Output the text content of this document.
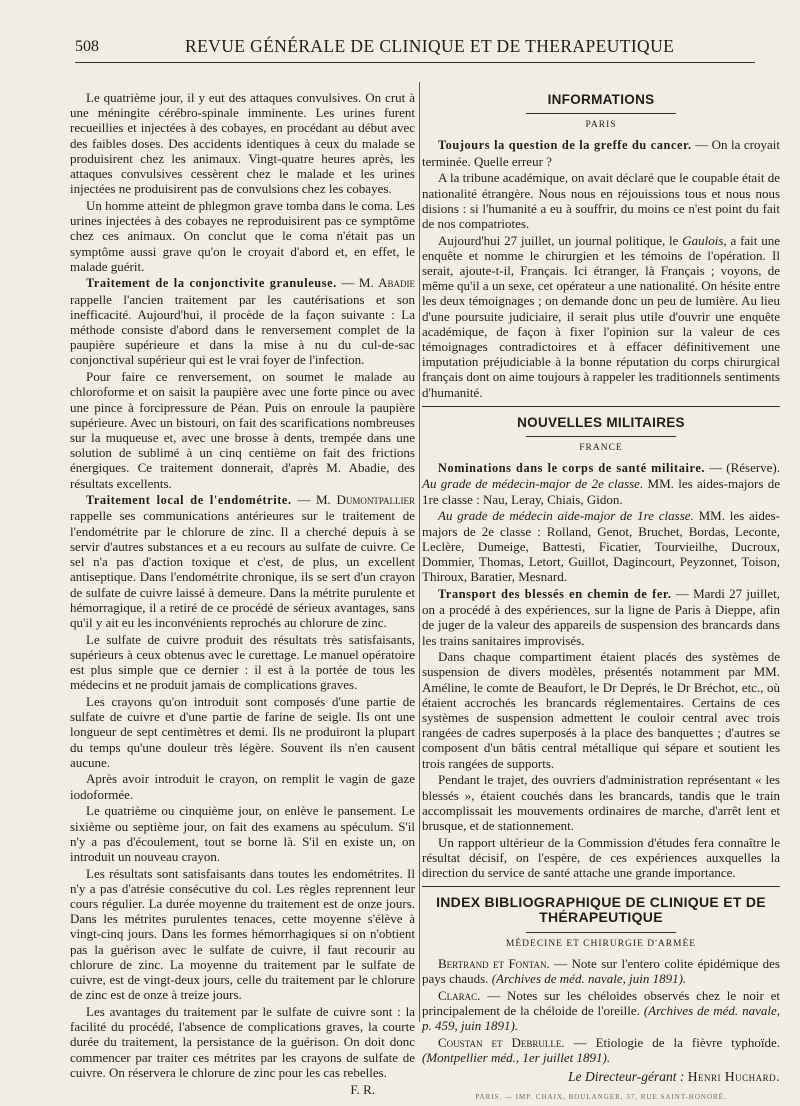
508	REVUE GÉNÉRALE DE CLINIQUE ET DE THERAPEUTIQUE

Le quatrième jour, il y eut des attaques convulsives. On crut à une méningite cérébro-spinale imminente. Les urines furent recueillies et injectées à des cobayes, en procédant au début avec des faibles doses. Des accidents identiques à ceux du malade se produisirent chez les animaux. Vingt-quatre heures après, les attaques convulsives cessèrent chez le malade et les urines injectées ne produisirent pas de convulsions chez les cobayes.

Un homme atteint de phlegmon grave tomba dans le coma. Les urines injectées à des cobayes ne reproduisirent pas ce symptôme chez ces animaux. On conclut que le coma n'était pas un symptôme aussi grave qu'on le croyait d'abord et, en effet, le malade guérit.

Traitement de la conjonctivite granuleuse. — M. Abadie rappelle l'ancien traitement par les cautérisations et son inefficacité. Aujourd'hui, il procède de la façon suivante : La méthode consiste d'abord dans le renversement complet de la paupière supérieure et dans la mise à nu du cul-de-sac conjonctival supérieur qui est le vrai foyer de l'infection.

Pour faire ce renversement, on soumet le malade au chloroforme et on saisit la paupière avec une forte pince ou avec une pince à forcipressure de Péan. Puis on enroule la paupière supérieure. Avec un bistouri, on fait des scarifications nombreuses sur la muqueuse et, avec une brosse à dents, trempée dans une solution de sublimé à un cinq centième on fait des frictions énergiques. Ce traitement donnerait, d'après M. Abadie, des résultats excellents.

Traitement local de l'endométrite. — M. Dumontpallier rappelle ses communications antérieures sur le traitement de l'endométrite par le chlorure de zinc. Il a cherché depuis à se servir d'autres substances et a eu recours au sulfate de cuivre. Ce sel n'a pas d'action toxique et c'est, de plus, un excellent antiseptique. Dans l'endométrite chronique, ils se sert d'un crayon de sulfate de cuivre laissé à demeure. Dans la métrite purulente et hémorragique, il a retiré de ce procédé de sérieux avantages, sans qu'il y ait eu les inconvénients reprochés au chlorure de zinc.

Le sulfate de cuivre produit des résultats très satisfaisants, supérieurs à ceux obtenus avec le curettage. Le manuel opératoire est plus simple que ce dernier : il est à la portée de tous les médecins et ne produit jamais de complications graves.

Les crayons qu'on introduit sont composés d'une partie de sulfate de cuivre et d'une partie de farine de seigle. Ils ont une longueur de sept centimètres et demi. Ils ne produiront la plupart du temps qu'une douleur très légère. Souvent ils n'en causent aucune.

Après avoir introduit le crayon, on remplit le vagin de gaze iodoformée.

Le quatrième ou cinquième jour, on enlève le pansement. Le sixième ou septième jour, on fait des examens au spéculum. S'il n'y a pas d'écoulement, tout se borne là. S'il en existe un, on introduit un nouveau crayon.

Les résultats sont satisfaisants dans toutes les endométrites. Il n'y a pas d'atrésie consécutive du col. Les règles reprennent leur cours régulier. La durée moyenne du traitement est de onze jours. Dans les métrites purulentes tenaces, cette moyenne s'élève à vingt-cinq jours. Dans les formes hémorrhagiques si on n'obtient pas la guérison avec le sulfate de cuivre, il faut recourir au chlorure de zinc. La moyenne du traitement par le sulfate de cuivre, est de vingt-deux jours, celle du traitement par le chlorure de zinc est de onze à treize jours.

Les avantages du traitement par le sulfate de cuivre sont : la facilité du procédé, l'absence de complications graves, la courte durée du traitement, la persistance de la guérison. On doit donc commencer par traiter ces métrites par les crayons de sulfate de cuivre. On réservera le chlorure de zinc pour les cas rebelles.

F. R.

INFORMATIONS
PARIS

Toujours la question de la greffe du cancer. — On la croyait terminée. Quelle erreur ?

A la tribune académique, on avait déclaré que le coupable était de nationalité étrangère. Nous nous en réjouissions tous et nous nous disions : si l'humanité a eu à souffrir, du moins ce n'est point du fait de nos compatriotes.

Aujourd'hui 27 juillet, un journal politique, le Gaulois, a fait une enquête et nomme le chirurgien et les témoins de l'opération. Il serait, ajoute-t-il, Français. Ici étranger, là Français ; voyons, de même qu'il a un sexe, cet opérateur a une nationalité. On hésite entre les deux témoignages ; on demande donc un peu de lumière. Au lieu d'une poursuite judiciaire, il serait plus utile d'ouvrir une enquête académique, de façon à fixer l'opinion sur la valeur de ces témoignages contradictoires et à effacer définitivement une imputation préjudiciable à la bonne réputation du corps chirurgical français dont on aime toujours à rappeler les traditionnels sentiments d'humanité.

NOUVELLES MILITAIRES
FRANCE

Nominations dans le corps de santé militaire. — (Réserve). Au grade de médecin-major de 2e classe. MM. les aides-majors de 1re classe : Nau, Leray, Chiais, Gidon.

Au grade de médecin aide-major de 1re classe. MM. les aides-majors de 2e classe : Rolland, Genot, Bruchet, Bordas, Leconte, Leclère, Dumeige, Battesti, Ficatier, Tourvieilhe, Ducroux, Dommier, Thomas, Letort, Guillot, Dagincourt, Peyzonnet, Toison, Thiroux, Baratier, Mesnard.

Transport des blessés en chemin de fer. — Mardi 27 juillet, on a procédé à des expériences, sur la ligne de Paris à Dieppe, afin de juger de la valeur des appareils de suspension des brancards dans les trains sanitaires improvisés.

Dans chaque compartiment étaient placés des systèmes de suspension de divers modèles, présentés notamment par MM. Améline, le comte de Beaufort, le Dr Deprés, le Dr Bréchot, etc., où étaient accrochés les brancards réglementaires. Certains de ces systèmes de suspension admettent le couloir central avec trois rangées de cadres superposés à la place des banquettes ; d'autres se composent d'un bâtis central métallique qui sépare et soutient les trois rangées de supports.

Pendant le trajet, des ouvriers d'administration représentant « les blessés », étaient couchés dans les brancards, tandis que le train accomplissait les mouvements ordinaires de marche, d'arrêt lent et brusque, et de stationnement.

Un rapport ultérieur de la Commission d'études fera connaître le résultat décisif, on l'espère, de ces expériences auxquelles la direction du service de santé attache une grande importance.

INDEX BIBLIOGRAPHIQUE DE CLINIQUE ET DE THÉRAPEUTIQUE
MÉDECINE ET CHIRURGIE D'ARMÉE

Bertrand et Fontan. — Note sur l'entero colite épidémique des pays chauds. (Archives de méd. navale, juin 1891).

Clarac. — Notes sur les chéloides observés chez le noir et principalement de la chéloide de l'oreille. (Archives de méd. navale, p. 459, juin 1891).

Coustan et Debrulle. — Etiologie de la fièvre typhoïde. (Montpellier méd., 1er juillet 1891).

Le Directeur-gérant : Henri Huchard.
PARIS. — IMP. CHAIX, BOULANGER, 37, RUE SAINT-HONORÉ.
